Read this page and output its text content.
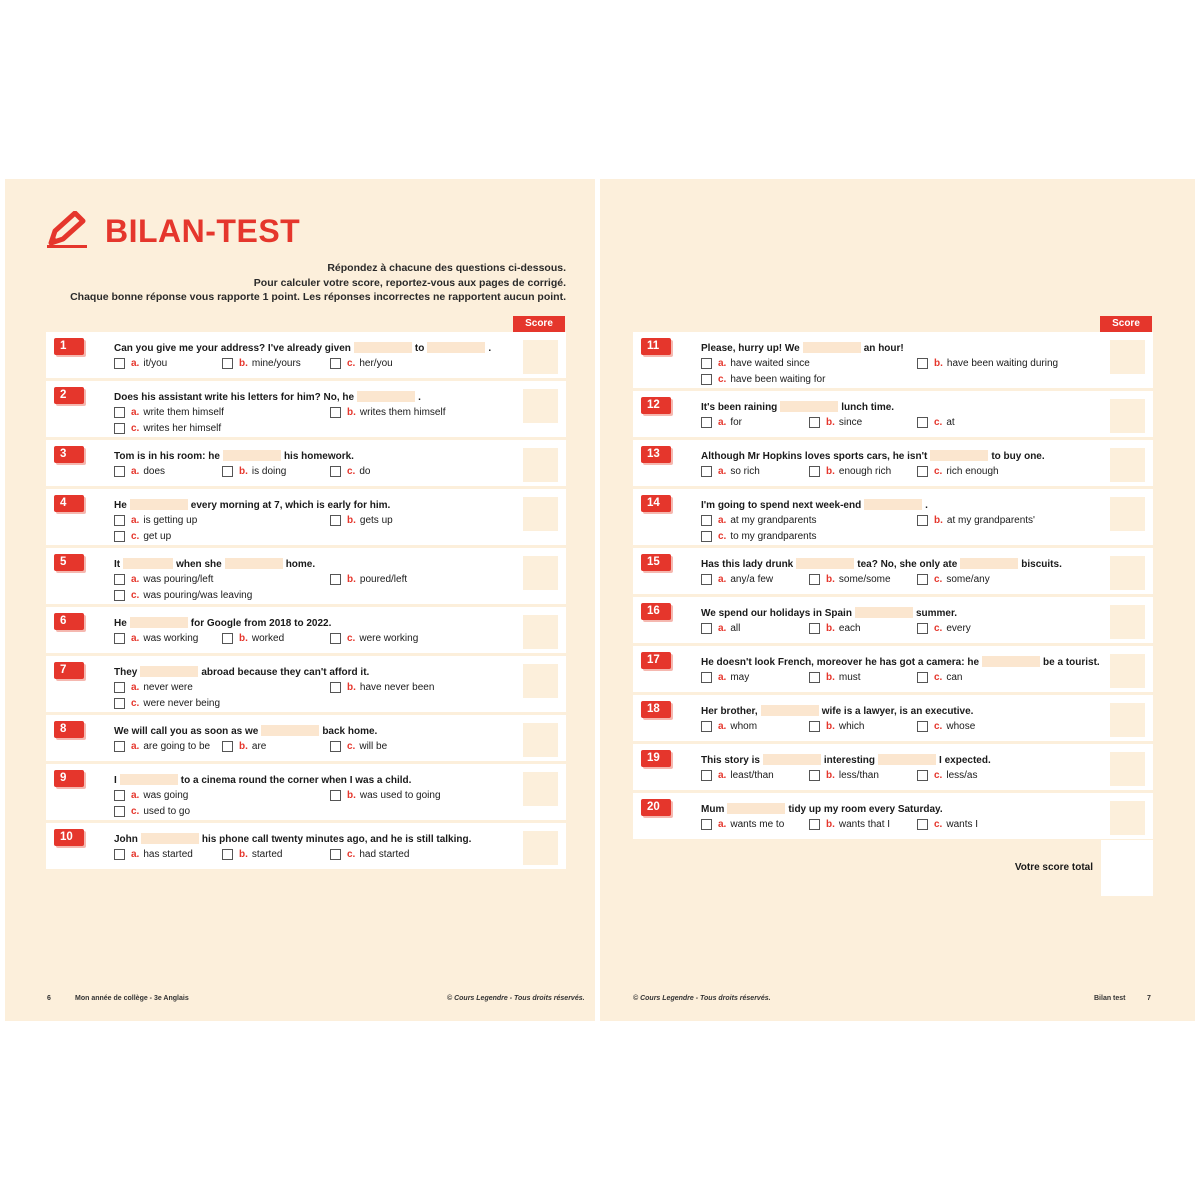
BILAN-TEST
Répondez à chacune des questions ci-dessous.
Pour calculer votre score, reportez-vous aux pages de corrigé.
Chaque bonne réponse vous rapporte 1 point. Les réponses incorrectes ne rapportent aucun point.
Score
1	Can you give me your address? I've already given	to	.
a. it/you	b. mine/yours	c. her/you
2	Does his assistant write his letters for him? No, he	.
a. write them himself	b. writes them himself
c. writes her himself
3	Tom is in his room: he	his homework.
a. does	b. is doing	c. do
4	He	every morning at 7, which is early for him.
a. is getting up	b. gets up
c. get up
5	It	when she	home.
a. was pouring/left	b. poured/left
c. was pouring/was leaving
6	He	for Google from 2018 to 2022.
a. was working	b. worked	c. were working
7	They	abroad because they can't afford it.
a. never were	b. have never been
c. were never being
8	We will call you as soon as we	back home.
a. are going to be	b. are	c. will be
9	I	to a cinema round the corner when I was a child.
a. was going	b. was used to going
c. used to go
10	John	his phone call twenty minutes ago, and he is still talking.
a. has started	b. started	c. had started
6	Mon année de collège - 3e Anglais	© Cours Legendre - Tous droits réservés.
Score
11	Please, hurry up! We	an hour!
a. have waited since	b. have been waiting during
c. have been waiting for
12	It's been raining	lunch time.
a. for	b. since	c. at
13	Although Mr Hopkins loves sports cars, he isn't	to buy one.
a. so rich	b. enough rich	c. rich enough
14	I'm going to spend next week-end	.
a. at my grandparents	b. at my grandparents'
c. to my grandparents
15	Has this lady drunk	tea? No, she only ate	biscuits.
a. any/a few	b. some/some	c. some/any
16	We spend our holidays in Spain	summer.
a. all	b. each	c. every
17	He doesn't look French, moreover he has got a camera: he	be a tourist.
a. may	b. must	c. can
18	Her brother,	wife is a lawyer, is an executive.
a. whom	b. which	c. whose
19	This story is	interesting	I expected.
a. least/than	b. less/than	c. less/as
20	Mum	tidy up my room every Saturday.
a. wants me to	b. wants that I	c. wants I
Votre score total
© Cours Legendre - Tous droits réservés.	Bilan test	7
